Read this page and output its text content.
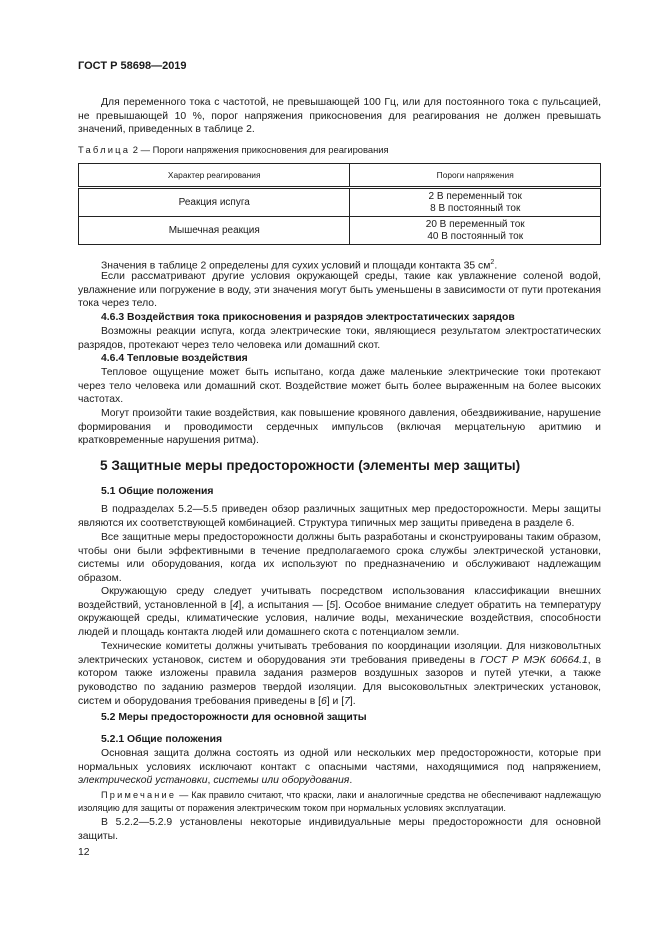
ГОСТ Р 58698—2019
Для переменного тока с частотой, не превышающей 100 Гц, или для постоянного тока с пульсацией, не превышающей 10 %, порог напряжения прикосновения для реагирования не должен превышать значений, приведенных в таблице 2.
Таблица 2 — Пороги напряжения прикосновения для реагирования
Характер реагирования	Пороги напряжения
Реакция испуга	2 В переменный ток
8 В постоянный ток

Мышечная реакция	20 В переменный ток
40 В постоянный ток
Значения в таблице 2 определены для сухих условий и площади контакта 35 $см^2$.
Если рассматривают другие условия окружающей среды, такие как увлажнение соленой водой, увлажнение или погружение в воду, эти значения могут быть уменьшены в зависимости от пути протекания тока через тело.
4.6.3 Воздействия тока прикосновения и разрядов электростатических зарядов
Возможны реакции испуга, когда электрические токи, являющиеся результатом электростатических разрядов, протекают через тело человека или домашний скот.
4.6.4 Тепловые воздействия
Тепловое ощущение может быть испытано, когда даже маленькие электрические токи протекают через тело человека или домашний скот. Воздействие может быть более выраженным на более высоких частотах.
Могут произойти такие воздействия, как повышение кровяного давления, обездвиживание, нарушение формирования и проводимости сердечных импульсов (включая мерцательную аритмию и кратковременные нарушения ритма).
5 Защитные меры предосторожности (элементы мер защиты)
5.1 Общие положения
В подразделах 5.2—5.5 приведен обзор различных защитных мер предосторожности. Меры защиты являются их соответствующей комбинацией. Структура типичных мер защиты приведена в разделе 6.
Все защитные меры предосторожности должны быть разработаны и сконструированы таким образом, чтобы они были эффективными в течение предполагаемого срока службы электрической установки, системы или оборудования, когда их используют по предназначению и обслуживают надлежащим образом.
Окружающую среду следует учитывать посредством использования классификации внешних воздействий, установленной в [4], а испытания — [5]. Особое внимание следует обратить на температуру окружающей среды, климатические условия, наличие воды, механические воздействия, способности людей и площадь контакта людей или домашнего скота с потенциалом земли.
Технические комитеты должны учитывать требования по координации изоляции. Для низковольтных электрических установок, систем и оборудования эти требования приведены в ГОСТ Р МЭК 60664.1, в котором также изложены правила задания размеров воздушных зазоров и путей утечки, а также руководство по заданию размеров твердой изоляции. Для высоковольтных электрических установок, систем и оборудования требования приведены в [6] и [7].
5.2 Меры предосторожности для основной защиты
5.2.1 Общие положения
Основная защита должна состоять из одной или нескольких мер предосторожности, которые при нормальных условиях исключают контакт с опасными частями, находящимися под напряжением, электрической установки, системы или оборудования.
Примечание — Как правило считают, что краски, лаки и аналогичные средства не обеспечивают надлежащую изоляцию для защиты от поражения электрическим током при нормальных условиях эксплуатации.
В 5.2.2—5.2.9 установлены некоторые индивидуальные меры предосторожности для основной защиты.
12
